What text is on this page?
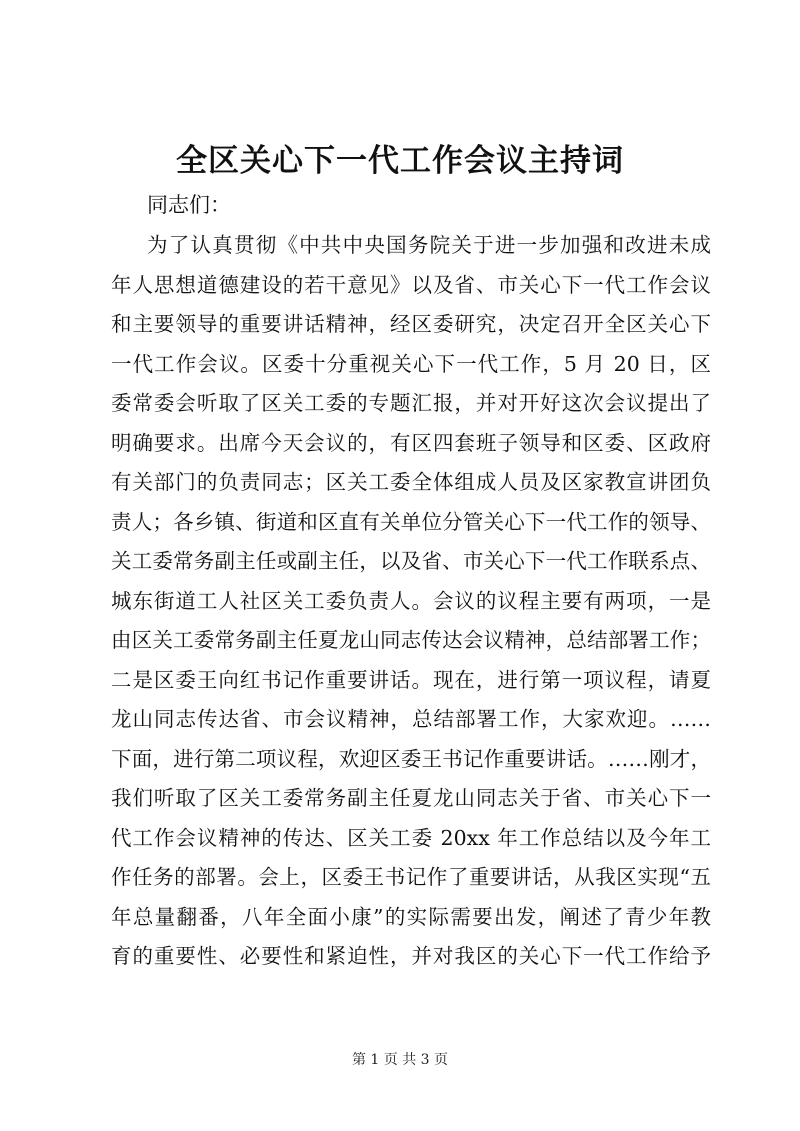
全区关心下一代工作会议主持词

同志们：

为了认真贯彻《中共中央国务院关于进一步加强和改进未成
年人思想道德建设的若干意见》以及省、市关心下一代工作会议
和主要领导的重要讲话精神，经区委研究，决定召开全区关心下
一代工作会议。区委十分重视关心下一代工作，5 月 20 日，区
委常委会听取了区关工委的专题汇报，并对开好这次会议提出了
明确要求。出席今天会议的，有区四套班子领导和区委、区政府
有关部门的负责同志；区关工委全体组成人员及区家教宣讲团负
责人；各乡镇、街道和区直有关单位分管关心下一代工作的领导、
关工委常务副主任或副主任，以及省、市关心下一代工作联系点、
城东街道工人社区关工委负责人。会议的议程主要有两项，一是
由区关工委常务副主任夏龙山同志传达会议精神，总结部署工作；
二是区委王向红书记作重要讲话。现在，进行第一项议程，请夏
龙山同志传达省、市会议精神，总结部署工作，大家欢迎。……
下面，进行第二项议程，欢迎区委王书记作重要讲话。……刚才，
我们听取了区关工委常务副主任夏龙山同志关于省、市关心下一
代工作会议精神的传达、区关工委 20xx 年工作总结以及今年工
作任务的部署。会上，区委王书记作了重要讲话，从我区实现“五
年总量翻番，八年全面小康”的实际需要出发，阐述了青少年教
育的重要性、必要性和紧迫性，并对我区的关心下一代工作给予
第 1 页 共 3 页
